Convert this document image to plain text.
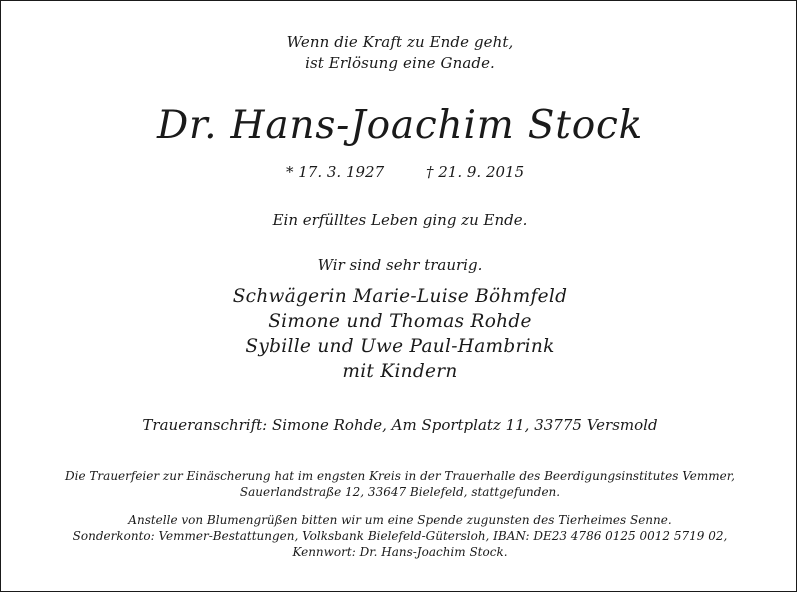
Wenn die Kraft zu Ende geht,
ist Erlösung eine Gnade.
Dr. Hans-Joachim Stock
* 17. 3. 1927	† 21. 9. 2015
Ein erfülltes Leben ging zu Ende.
Wir sind sehr traurig.
Schwägerin Marie-Luise Böhmfeld
Simone und Thomas Rohde
Sybille und Uwe Paul-Hambrink
mit Kindern
Traueranschrift: Simone Rohde, Am Sportplatz 11, 33775 Versmold
Die Trauerfeier zur Einäscherung hat im engsten Kreis in der Trauerhalle des Beerdigungsinstitutes Vemmer,
Sauerlandstraße 12, 33647 Bielefeld, stattgefunden.
Anstelle von Blumengrüßen bitten wir um eine Spende zugunsten des Tierheimes Senne.
Sonderkonto: Vemmer-Bestattungen, Volksbank Bielefeld-Gütersloh, IBAN: DE23 4786 0125 0012 5719 02,
Kennwort: Dr. Hans-Joachim Stock.
